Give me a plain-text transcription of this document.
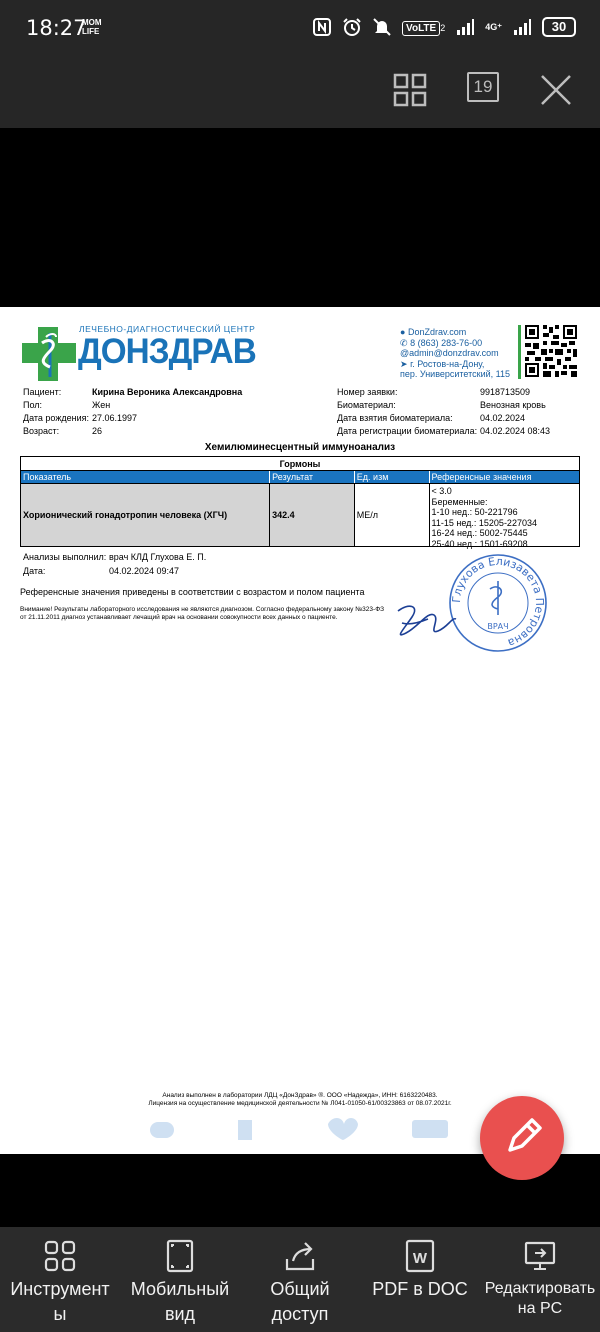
18:27
MOM
LIFE	VoLTE 2	4G⁺	30
19
ЛЕЧЕБНО-ДИАГНОСТИЧЕСКИЙ ЦЕНТР
ДОНЗДРАВ	● DonZdrav.com
✆ 8 (863) 283-76-00
@admin@donzdrav.com
➤ г. Ростов-на-Дону,
пер. Университетский, 115
Пациент:	Кирина Вероника Александровна
Пол:	Жен
Дата рождения: 27.06.1997
Возраст:	26
Номер заявки:	9918713509
Биоматериал:	Венозная кровь
Дата взятия биоматериала:	04.02.2024
Дата регистрации биоматериала: 04.02.2024 08:43
Хемилюминесцентный иммуноанализ
Гормоны
Показатель	Результат	Ед. изм	Референсные значения
Хорионический гонадотропин человека (ХГЧ)	342.4	МЕ/л
< 3.0
Беременные:
1-10 нед.: 50-221796
11-15 нед.: 15205-227034
16-24 нед.: 5002-75445
25-40 нед.: 1501-69208
Анализы выполнил: врач КЛД Глухова Е. П.
Дата:	04.02.2024 09:47
Референсные значения приведены в соответствии с возрастом и полом пациента
Внимание! Результаты лабораторного исследования не являются диагнозом. Согласно федеральному закону №323-ФЗ
от 21.11.2011 диагноз устанавливает лечащий врач на основании совокупности всех данных о пациенте.
Глухова Елизавета Петровна
ВРАЧ
Анализ выполнен в лаборатории ЛДЦ «ДонЗдрав» ®. ООО «Надежда», ИНН: 6163220483.
Лицензия на осуществление медицинской деятельности № Л041-01050-61/00323863 от 08.07.2021г.
Инструмент
ы
Мобильный
вид
Общий
доступ
W
PDF в DOC	Редактировать
на PC
